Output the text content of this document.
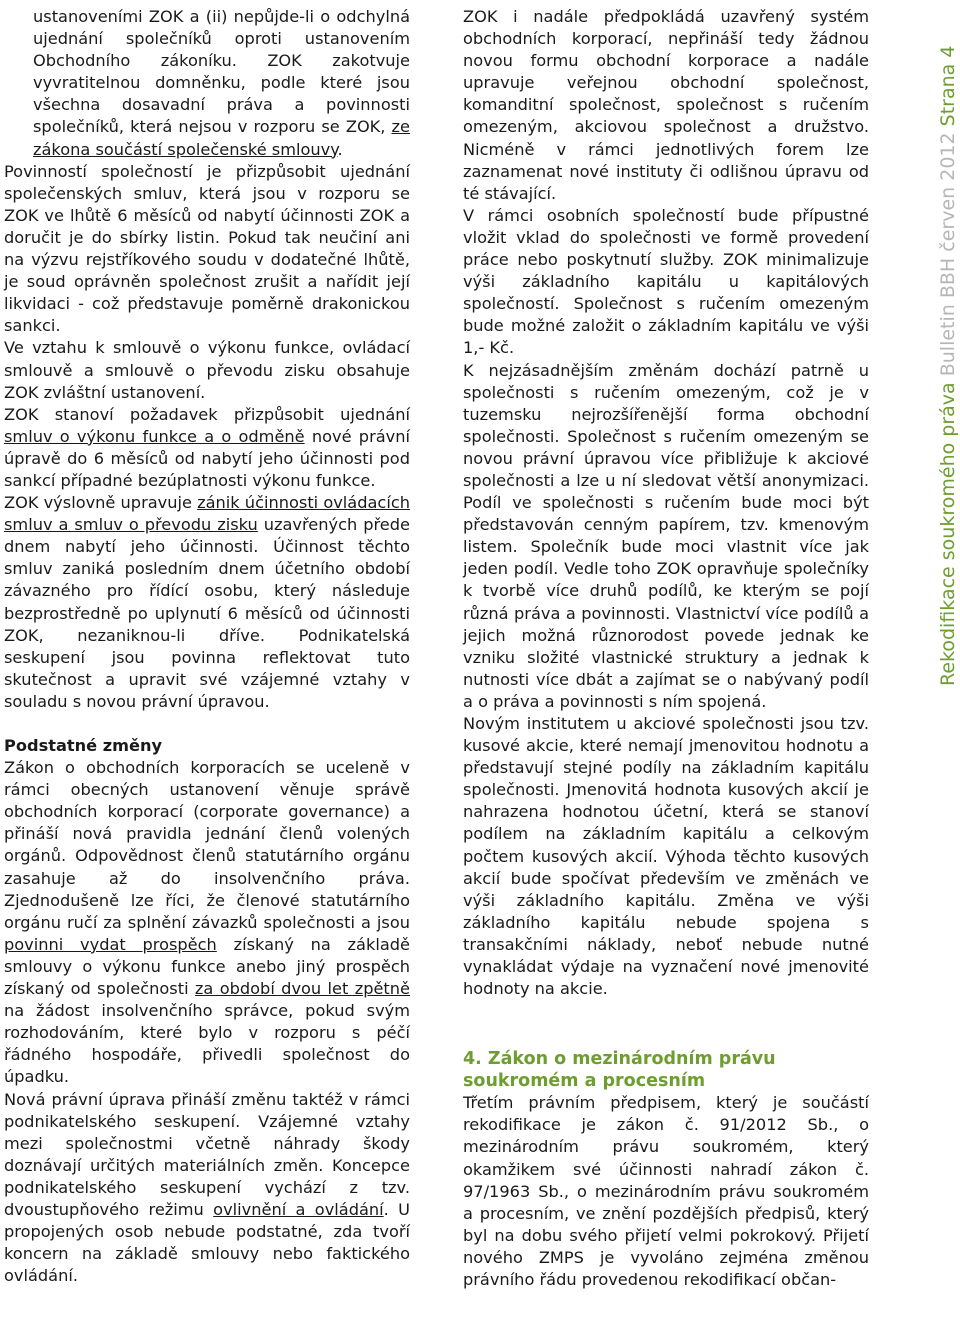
ustanoveními ZOK a (ii) nepůjde-li o odchylná ujednání společníků oproti ustanovením Obchodního zákoníku. ZOK zakotvuje vyvratitelnou domněnku, podle které jsou všechna dosavadní práva a povinnosti společníků, která nejsou v rozporu se ZOK, ze zákona součástí společenské smlouvy.

Povinností společností je přizpůsobit ujednání společenských smluv, která jsou v rozporu se ZOK ve lhůtě 6 měsíců od nabytí účinnosti ZOK a doručit je do sbírky listin. Pokud tak neučiní ani na výzvu rejstříkového soudu v dodatečné lhůtě, je soud oprávněn společnost zrušit a nařídit její likvidaci - což představuje poměrně drakonickou sankci.

Ve vztahu k smlouvě o výkonu funkce, ovládací smlouvě a smlouvě o převodu zisku obsahuje ZOK zvláštní ustanovení.

ZOK stanoví požadavek přizpůsobit ujednání smluv o výkonu funkce a o odměně nové právní úpravě do 6 měsíců od nabytí jeho účinnosti pod sankcí případné bezúplatnosti výkonu funkce.

ZOK výslovně upravuje zánik účinnosti ovládacích smluv a smluv o převodu zisku uzavřených přede dnem nabytí jeho účinnosti. Účinnost těchto smluv zaniká posledním dnem účetního období závazného pro řídící osobu, který následuje bezprostředně po uplynutí 6 měsíců od účinnosti ZOK, nezaniknou-li dříve. Podnikatelská seskupení jsou povinna reflektovat tuto skutečnost a upravit své vzájemné vztahy v souladu s novou právní úpravou.

Podstatné změny

Zákon o obchodních korporacích se uceleně v rámci obecných ustanovení věnuje správě obchodních korporací (corporate governance) a přináší nová pravidla jednání členů volených orgánů. Odpovědnost členů statutárního orgánu zasahuje až do insolvenčního práva. Zjednodušeně lze říci, že členové statutárního orgánu ručí za splnění závazků společnosti a jsou povinni vydat prospěch získaný na základě smlouvy o výkonu funkce anebo jiný prospěch získaný od společnosti za období dvou let zpětně na žádost insolvenčního správce, pokud svým rozhodováním, které bylo v rozporu s péčí řádného hospodáře, přivedli společnost do úpadku.

Nová právní úprava přináší změnu taktéž v rámci podnikatelského seskupení. Vzájemné vztahy mezi společnostmi včetně náhrady škody doznávají určitých materiálních změn. Koncepce podnikatelského seskupení vychází z tzv. dvoustupňového režimu ovlivnění a ovládání. U propojených osob nebude podstatné, zda tvoří koncern na základě smlouvy nebo faktického ovládání.

ZOK i nadále předpokládá uzavřený systém obchodních korporací, nepřináší tedy žádnou novou formu obchodní korporace a nadále upravuje veřejnou obchodní společnost, komanditní společnost, společnost s ručením omezeným, akciovou společnost a družstvo. Nicméně v rámci jednotlivých forem lze zaznamenat nové instituty či odlišnou úpravu od té stávající.

V rámci osobních společností bude přípustné vložit vklad do společnosti ve formě provedení práce nebo poskytnutí služby. ZOK minimalizuje výši základního kapitálu u kapitálových společností. Společnost s ručením omezeným bude možné založit o základním kapitálu ve výši 1,- Kč.

K nejzásadnějším změnám dochází patrně u společnosti s ručením omezeným, což je v tuzemsku nejrozšířenější forma obchodní společnosti. Společnost s ručením omezeným se novou právní úpravou více přibližuje k akciové společnosti a lze u ní sledovat větší anonymizaci. Podíl ve společnosti s ručením bude moci být představován cenným papírem, tzv. kmenovým listem. Společník bude moci vlastnit více jak jeden podíl. Vedle toho ZOK opravňuje společníky k tvorbě více druhů podílů, ke kterým se pojí různá práva a povinnosti. Vlastnictví více podílů a jejich možná různorodost povede jednak ke vzniku složité vlastnické struktury a jednak k nutnosti více dbát a zajímat se o nabývaný podíl a o práva a povinnosti s ním spojená.

Novým institutem u akciové společnosti jsou tzv. kusové akcie, které nemají jmenovitou hodnotu a představují stejné podíly na základním kapitálu společnosti. Jmenovitá hodnota kusových akcií je nahrazena hodnotou účetní, která se stanoví podílem na základním kapitálu a celkovým počtem kusových akcií. Výhoda těchto kusových akcií bude spočívat především ve změnách ve výši základního kapitálu. Změna ve výši základního kapitálu nebude spojena s transakčními náklady, neboť nebude nutné vynakládat výdaje na vyznačení nové jmenovité hodnoty na akcie.

4. Zákon o mezinárodním právu soukromém a procesním

Třetím právním předpisem, který je součástí rekodifikace je zákon č. 91/2012 Sb., o mezinárodním právu soukromém, který okamžikem své účinnosti nahradí zákon č. 97/1963 Sb., o mezinárodním právu soukromém a procesním, ve znění pozdějších předpisů, který byl na dobu svého přijetí velmi pokrokový. Přijetí nového ZMPS je vyvoláno zejména změnou právního řádu provedenou rekodifikací občan-

Rekodifikace soukromého práva Bulletin BBH červen 2012 Strana 4
